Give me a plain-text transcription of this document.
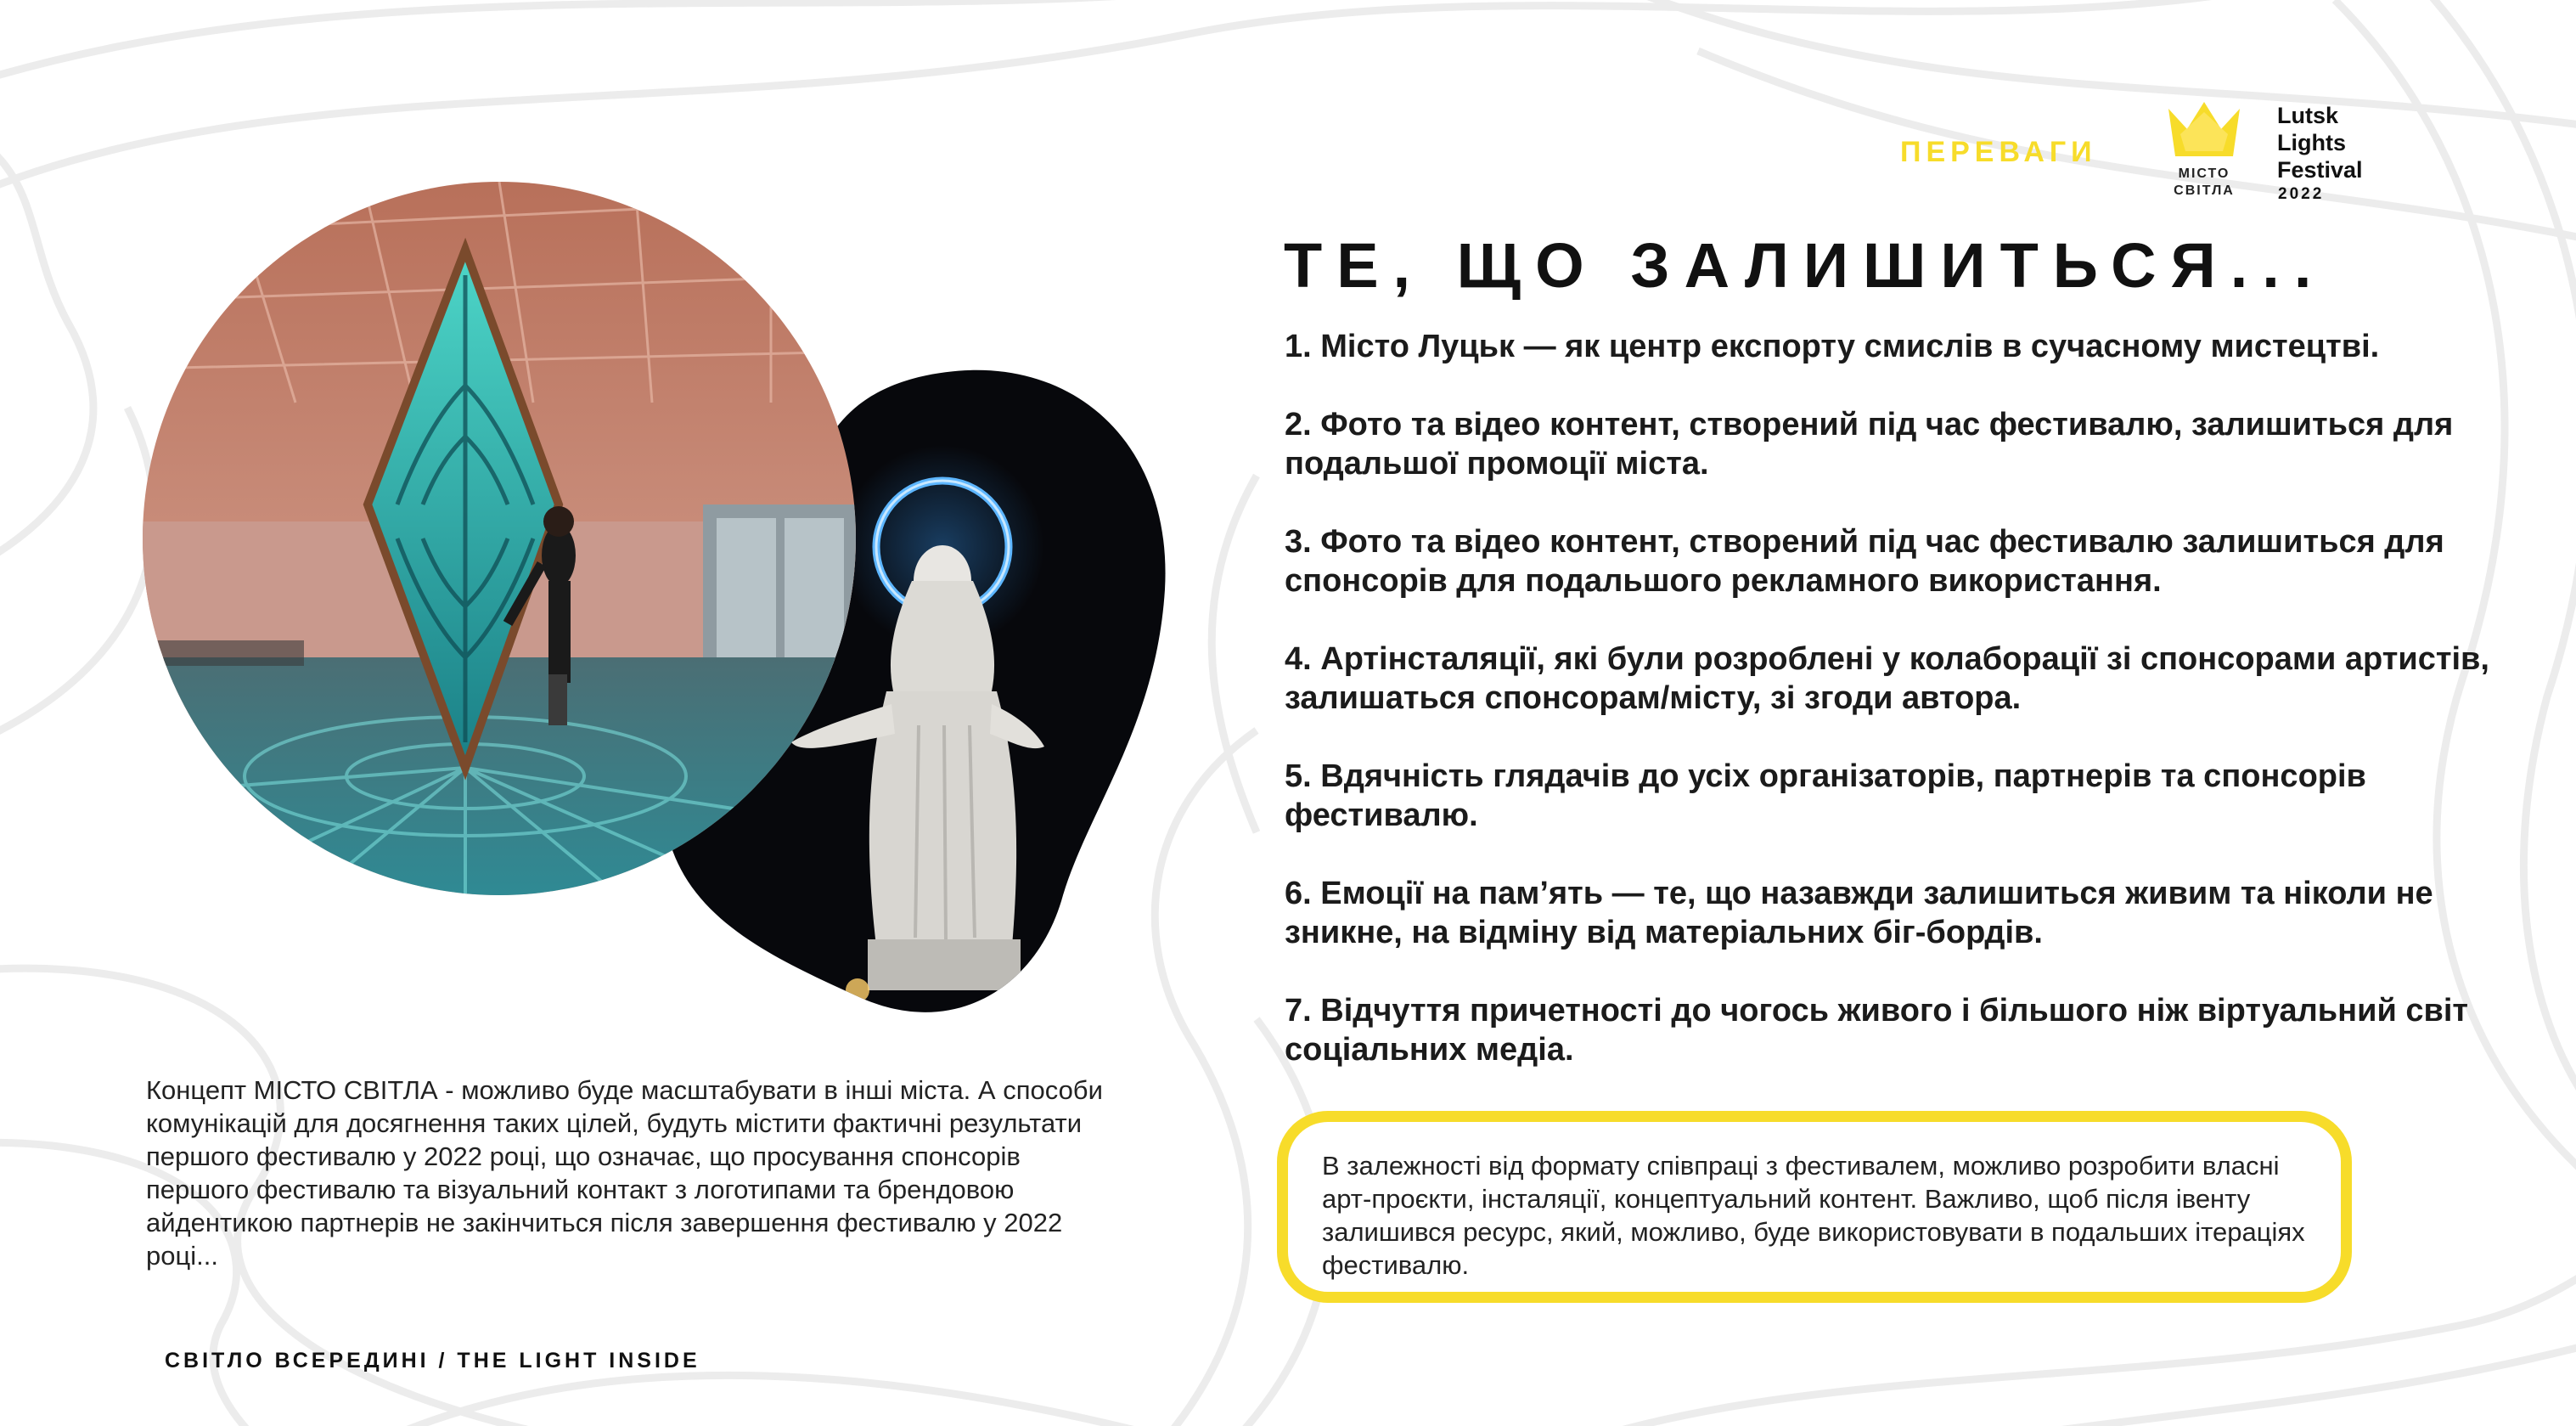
ПЕРЕВАГИ
МІСТО
СВІТЛА
Lutsk
Lights
Festival
2022
ТЕ, ЩО ЗАЛИШИТЬСЯ...
1. Місто Луцьк — як центр експорту смислів в сучасному мистецтві.
2. Фото та відео контент, створений під час фестивалю, залишиться для подальшої промоції міста.
3. Фото та відео контент, створений під час фестивалю залишиться для спонсорів для подальшого рекламного використання.
4. Артінсталяції, які були розроблені у колаборації зі спонсорами артистів, залишаться спонсорам/місту, зі згоди автора.
5. Вдячність глядачів до усіх організаторів, партнерів та спонсорів фестивалю.
6. Емоції на пам’ять — те, що назавжди залишиться живим та ніколи не зникне, на відміну від матеріальних біг-бордів.
7. Відчуття причетності до чогось живого і більшого ніж віртуальний світ соціальних медіа.
Концепт МІСТО СВІТЛА - можливо буде масштабувати в інші міста. А способи комунікацій для досягнення таких цілей, будуть містити фактичні результати першого фестивалю у 2022 році, що означає, що просування спонсорів першого фестивалю та візуальний контакт з логотипами та брендовою айдентикою партнерів не закінчиться після завершення фестивалю у 2022 році...
СВІТЛО ВСЕРЕДИНІ / THE LIGHT INSIDE
В залежності від формату співпраці з фестивалем, можливо розробити власні арт-проєкти, інсталяції, концептуальний контент. Важливо, щоб після івенту залишився ресурс, який, можливо, буде використовувати в подальших ітераціях фестивалю.
